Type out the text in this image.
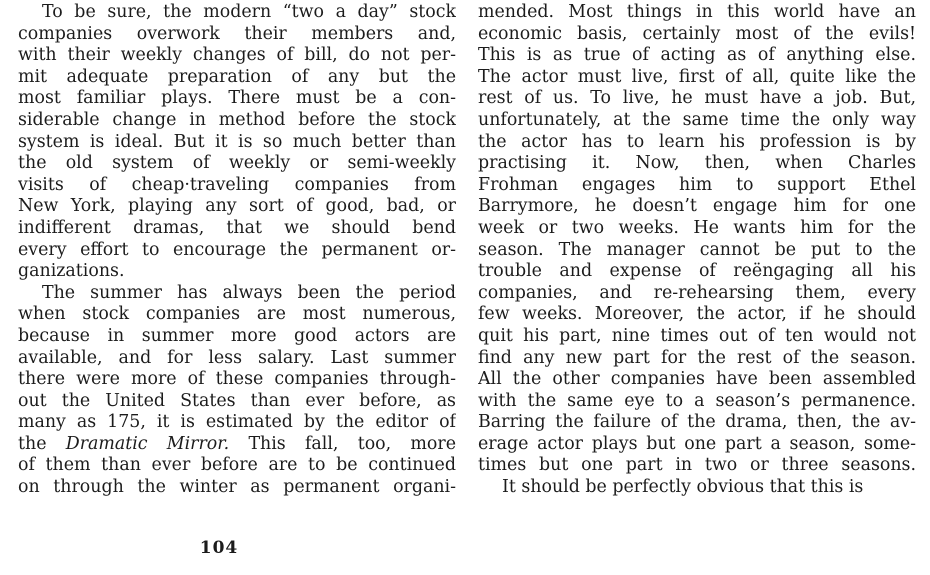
To be sure, the modern “two a day” stock
companies overwork their members and,
with their weekly changes of bill, do not per-
mit adequate preparation of any but the
most familiar plays. There must be a con-
siderable change in method before the stock
system is ideal. But it is so much better than
the old system of weekly or semi-weekly
visits of cheap·traveling companies from
New York, playing any sort of good, bad, or
indifferent dramas, that we should bend
every effort to encourage the permanent or-
ganizations.
The summer has always been the period
when stock companies are most numerous,
because in summer more good actors are
available, and for less salary. Last summer
there were more of these companies through-
out the United States than ever before, as
many as 175, it is estimated by the editor of
the Dramatic Mirror. This fall, too, more
of them than ever before are to be continued
on through the winter as permanent organi-
mended. Most things in this world have an
economic basis, certainly most of the evils!
This is as true of acting as of anything else.
The actor must live, first of all, quite like the
rest of us. To live, he must have a job. But,
unfortunately, at the same time the only way
the actor has to learn his profession is by
practising it. Now, then, when Charles
Frohman engages him to support Ethel
Barrymore, he doesn’t engage him for one
week or two weeks. He wants him for the
season. The manager cannot be put to the
trouble and expense of reëngaging all his
companies, and re-rehearsing them, every
few weeks. Moreover, the actor, if he should
quit his part, nine times out of ten would not
find any new part for the rest of the season.
All the other companies have been assembled
with the same eye to a season’s permanence.
Barring the failure of the drama, then, the av-
erage actor plays but one part a season, some-
times but one part in two or three seasons.
It should be perfectly obvious that this is
104
